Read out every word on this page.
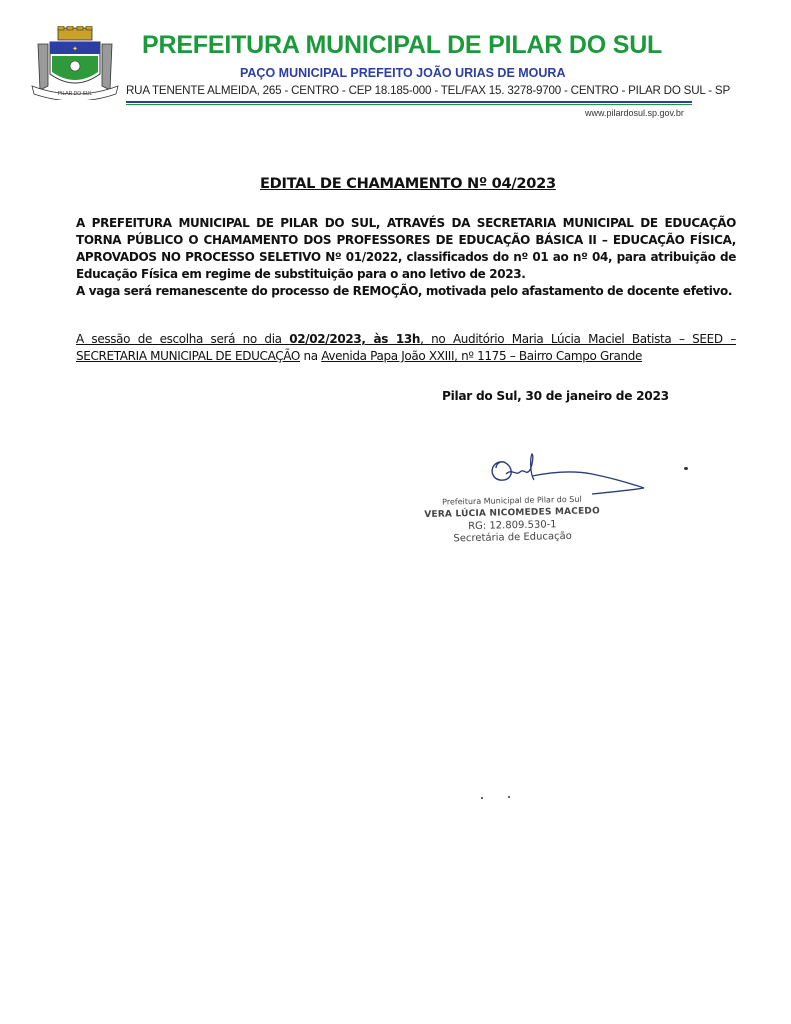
✦
PILAR DO SUL
PREFEITURA MUNICIPAL DE PILAR DO SUL
PAÇO MUNICIPAL PREFEITO JOÃO URIAS DE MOURA
RUA TENENTE ALMEIDA, 265 - CENTRO - CEP 18.185-000 - TEL/FAX 15. 3278-9700 - CENTRO - PILAR DO SUL - SP
www.pilardosul.sp.gov.br
EDITAL DE CHAMAMENTO Nº 04/2023
A PREFEITURA MUNICIPAL DE PILAR DO SUL, ATRAVÉS DA SECRETARIA MUNICIPAL DE EDUCAÇÃO
TORNA PÚBLICO O CHAMAMENTO DOS PROFESSORES DE EDUCAÇÃO BÁSICA II – EDUCAÇÃO FÍSICA,
APROVADOS NO PROCESSO SELETIVO Nº 01/2022, classificados do nº 01 ao nº 04, para atribuição de
Educação Física em regime de substituição para o ano letivo de 2023.
A vaga será remanescente do processo de REMOÇÃO, motivada pelo afastamento de docente efetivo.
A sessão de escolha será no dia 02/02/2023, às 13h, no Auditório Maria Lúcia Maciel Batista – SEED –
SECRETARIA MUNICIPAL DE EDUCAÇÃO na Avenida Papa João XXIII, nº 1175 – Bairro Campo Grande
Pilar do Sul, 30 de janeiro de 2023
Prefeitura Municipal de Pilar do Sul
VERA LÚCIA NICOMEDES MACEDO
RG: 12.809.530-1
Secretária de Educação
